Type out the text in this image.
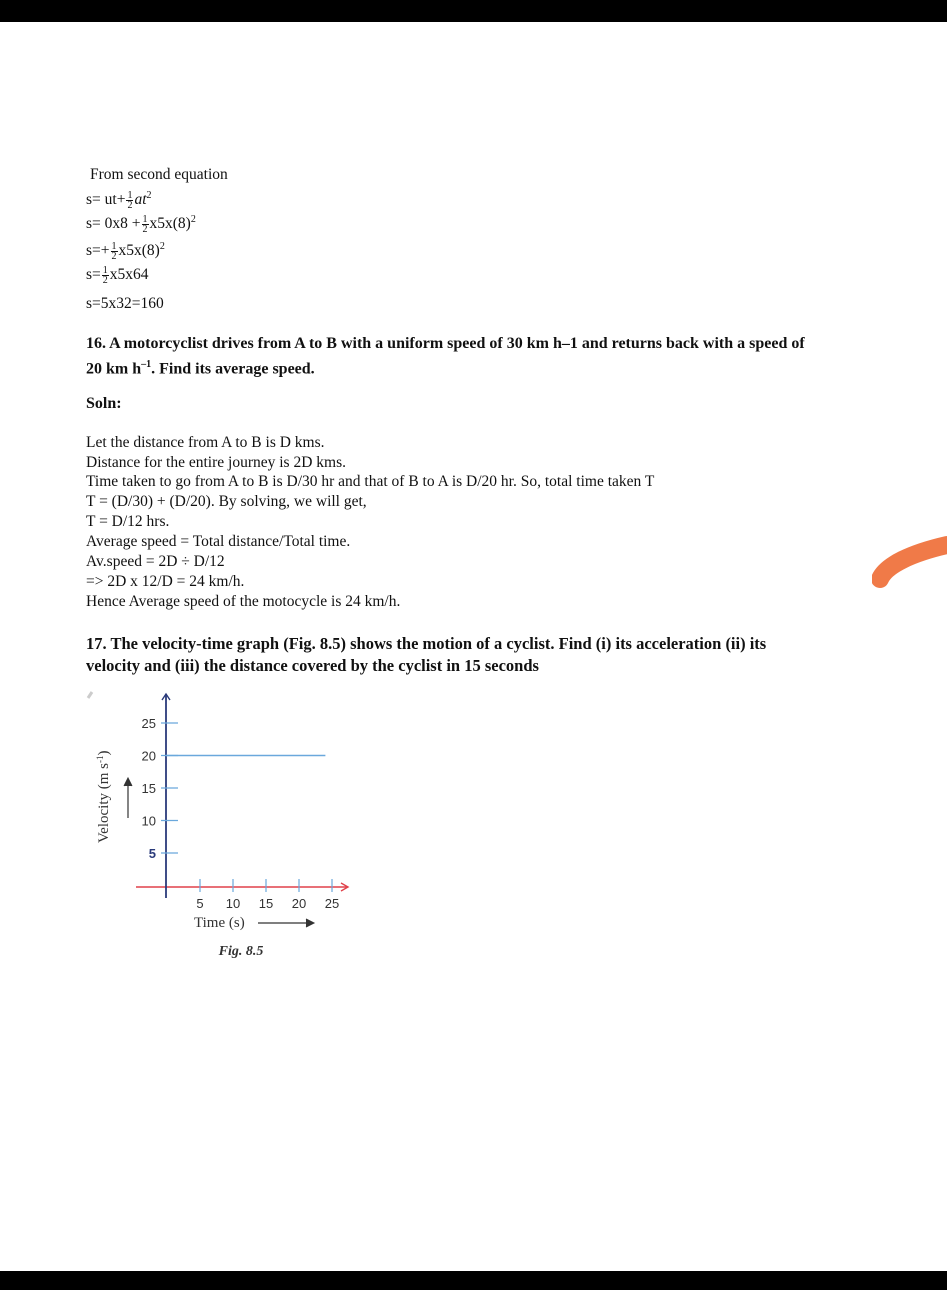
From second equation
$s= ut+ \frac{1}{2} at^2$
$s= 0x8 + \frac{1}{2} x5x(8)^2$
$s=+ \frac{1}{2} x5x(8)^2$
$s= \frac{1}{2} x5x64$
s=5x32=160
16. A motorcyclist drives from A to B with a uniform speed of 30 km h–1 and returns back with a speed of
20 km $h^{-1}$. Find its average speed.
Soln:
Let the distance from A to B is D kms.
Distance for the entire journey is 2D kms.
Time taken to go from A to B is D/30 hr and that of B to A is D/20 hr. So, total time taken T
T = (D/30) + (D/20). By solving, we will get,
T = D/12 hrs.
Average speed = Total distance/Total time.
Av.speed = 2D ÷ D/12
=> 2D x 12/D = 24 km/h.
Hence Average speed of the motocycle is 24 km/h.
17. The velocity-time graph (Fig. 8.5) shows the motion of a cyclist. Find (i) its acceleration (ii) its
velocity and (iii) the distance covered by the cyclist in 15 seconds
5 10 15 20 25
5
10
15
20
25
Time (s)
Velocity (m $s^{-1}$)
Fig. 8.5
